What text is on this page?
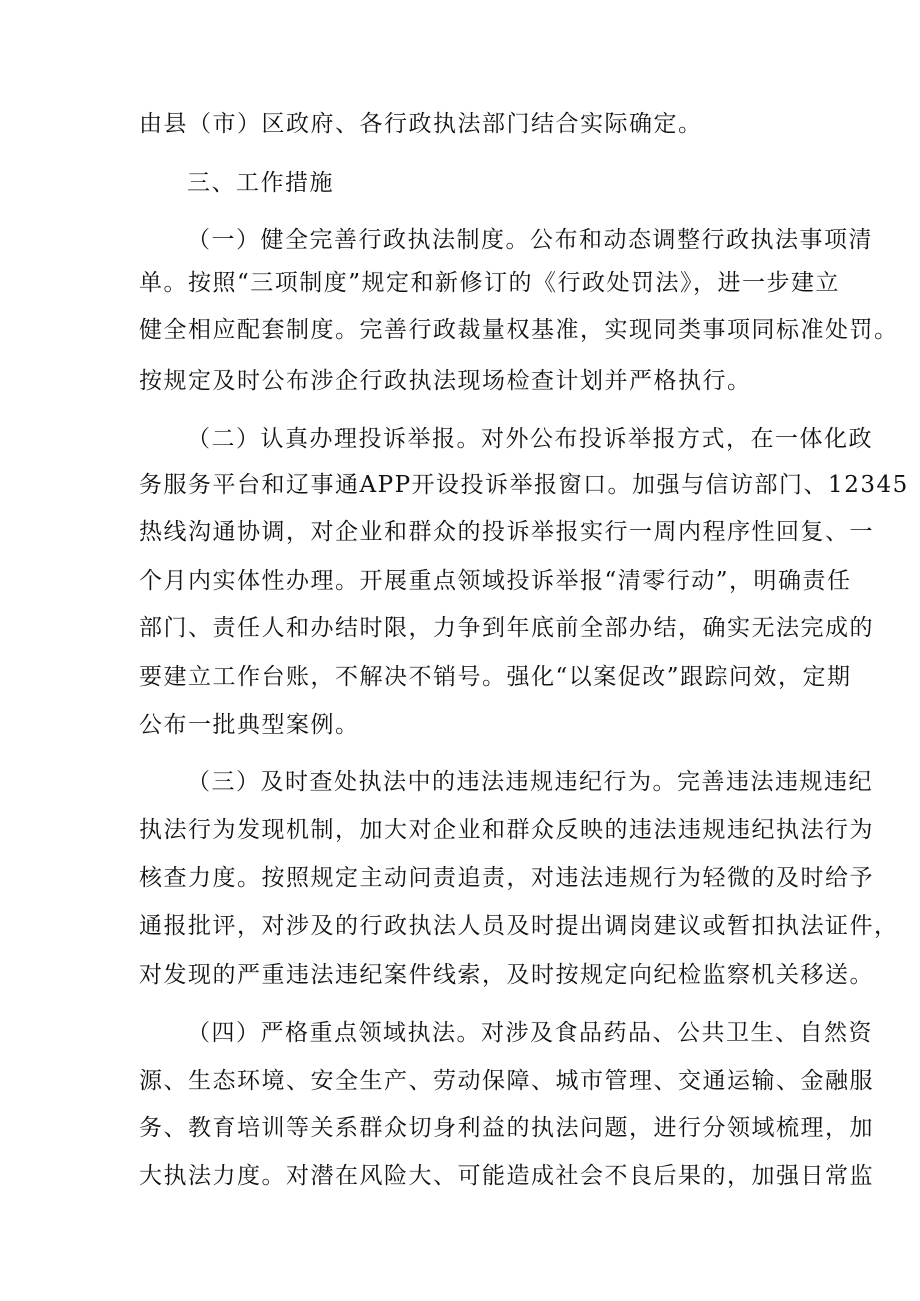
由县（市）区政府、各行政执法部门结合实际确定。
三、工作措施
（一）健全完善行政执法制度。公布和动态调整行政执法事项清
单。按照“三项制度”规定和新修订的《行政处罚法》，进一步建立
健全相应配套制度。完善行政裁量权基准，实现同类事项同标准处罚。
按规定及时公布涉企行政执法现场检查计划并严格执行。
（二）认真办理投诉举报。对外公布投诉举报方式，在一体化政
务服务平台和辽事通APP开设投诉举报窗口。加强与信访部门、12345
热线沟通协调，对企业和群众的投诉举报实行一周内程序性回复、一
个月内实体性办理。开展重点领域投诉举报“清零行动”，明确责任
部门、责任人和办结时限，力争到年底前全部办结，确实无法完成的
要建立工作台账，不解决不销号。强化“以案促改”跟踪问效，定期
公布一批典型案例。
（三）及时查处执法中的违法违规违纪行为。完善违法违规违纪
执法行为发现机制，加大对企业和群众反映的违法违规违纪执法行为
核查力度。按照规定主动问责追责，对违法违规行为轻微的及时给予
通报批评，对涉及的行政执法人员及时提出调岗建议或暂扣执法证件，
对发现的严重违法违纪案件线索，及时按规定向纪检监察机关移送。
（四）严格重点领域执法。对涉及食品药品、公共卫生、自然资
源、生态环境、安全生产、劳动保障、城市管理、交通运输、金融服
务、教育培训等关系群众切身利益的执法问题，进行分领域梳理，加
大执法力度。对潜在风险大、可能造成社会不良后果的，加强日常监
